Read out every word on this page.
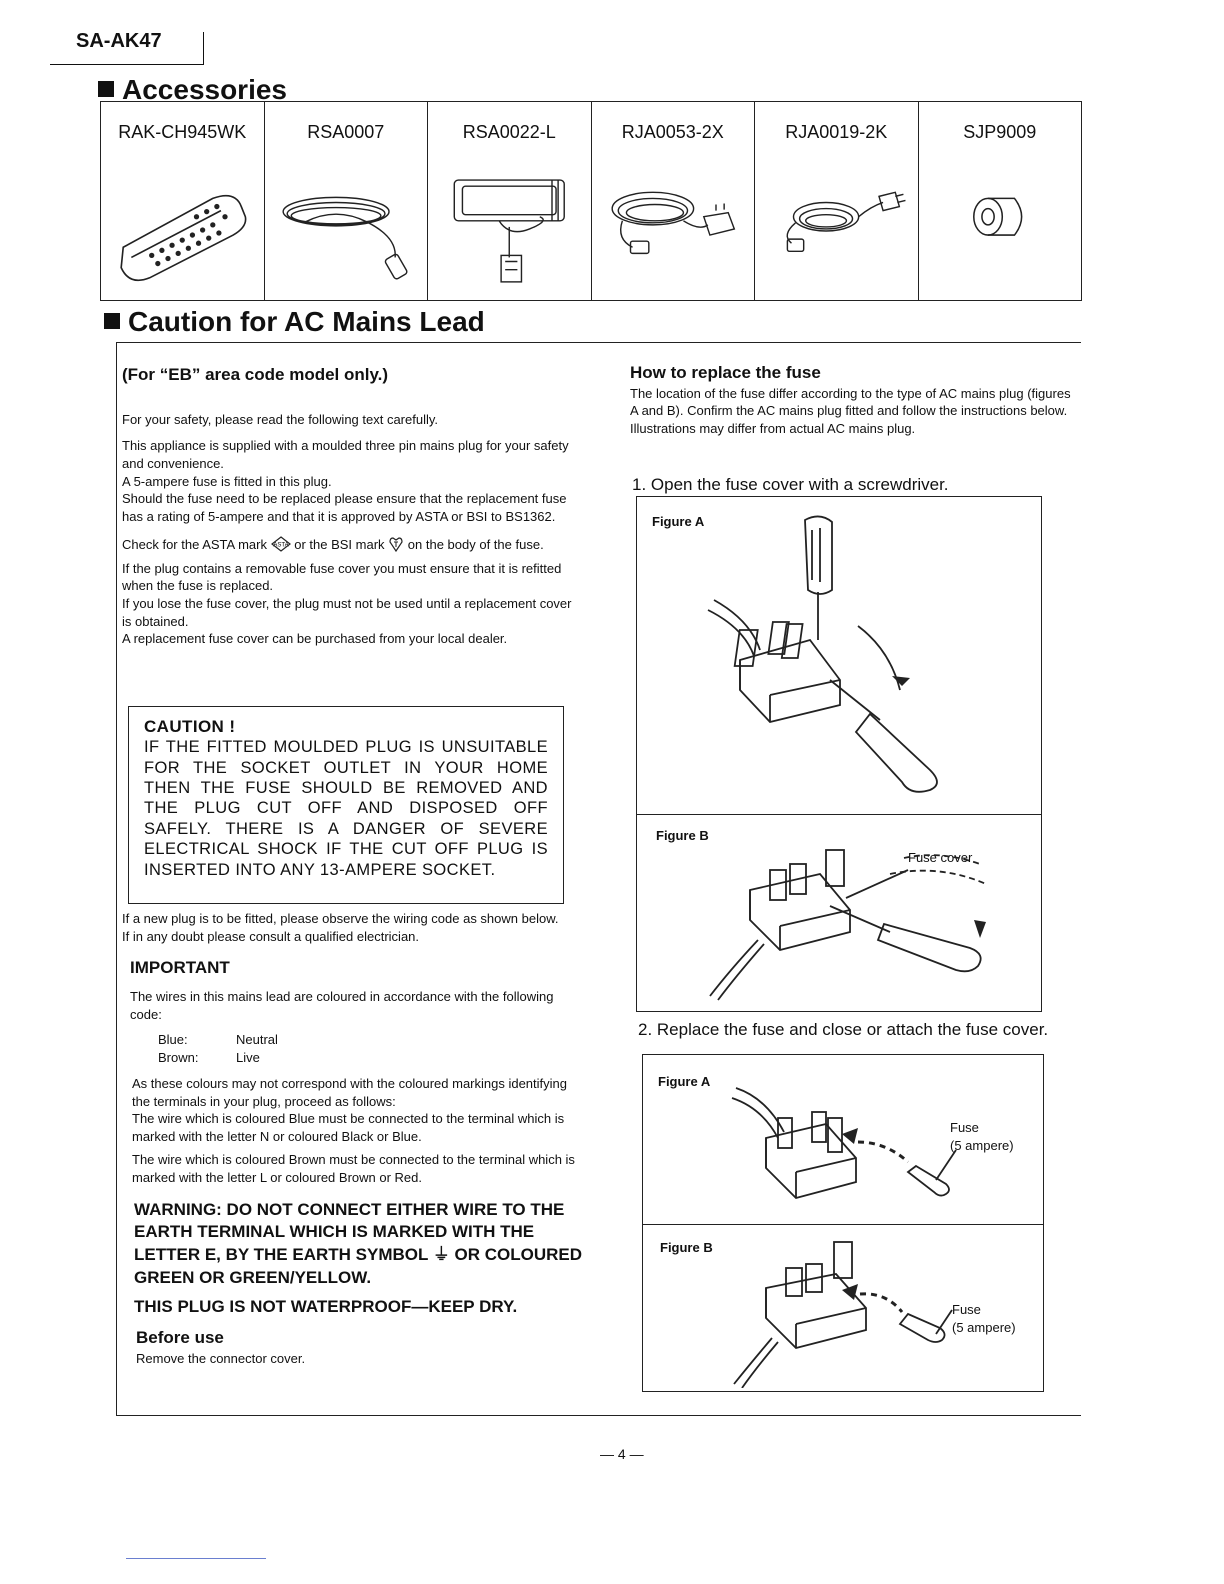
SA-AK47
Accessories
RAK-CH945WK	RSA0007	RSA0022-L	RJA0053-2X	RJA0019-2K	SJP9009
Caution for AC Mains Lead

(For “EB” area code model only.)

For your safety, please read the following text carefully.

This appliance is supplied with a moulded three pin mains plug for your safety and convenience.

A 5-ampere fuse is fitted in this plug.

Should the fuse need to be replaced please ensure that the replacement fuse has a rating of 5-ampere and that it is approved by ASTA or BSI to BS1362.

Check for the ASTA mark ASTA or the BSI mark on the body of the fuse.

If the plug contains a removable fuse cover you must ensure that it is refitted when the fuse is replaced.

If you lose the fuse cover, the plug must not be used until a replacement cover is obtained.

A replacement fuse cover can be purchased from your local dealer.

CAUTION !
IF THE FITTED MOULDED PLUG IS UNSUITABLE FOR THE SOCKET OUTLET IN YOUR HOME THEN THE FUSE SHOULD BE REMOVED AND THE PLUG CUT OFF AND DISPOSED OFF SAFELY. THERE IS A DANGER OF SEVERE ELECTRICAL SHOCK IF THE CUT OFF PLUG IS INSERTED INTO ANY 13-AMPERE SOCKET.

If a new plug is to be fitted, please observe the wiring code as shown below.

If in any doubt please consult a qualified electrician.

IMPORTANT

The wires in this mains lead are coloured in accordance with the following code:

Blue:	Neutral
Brown:	Live

As these colours may not correspond with the coloured markings identifying the terminals in your plug, proceed as follows:

The wire which is coloured Blue must be connected to the terminal which is marked with the letter N or coloured Black or Blue.

The wire which is coloured Brown must be connected to the terminal which is marked with the letter L or coloured Brown or Red.

WARNING: DO NOT CONNECT EITHER WIRE TO THE EARTH TERMINAL WHICH IS MARKED WITH THE LETTER E, BY THE EARTH SYMBOL ⏚ OR COLOURED GREEN OR GREEN/YELLOW.

THIS PLUG IS NOT WATERPROOF—KEEP DRY.

Before use

Remove the connector cover.

How to replace the fuse

The location of the fuse differ according to the type of AC mains plug (figures A and B). Confirm the AC mains plug fitted and follow the instructions below.

Illustrations may differ from actual AC mains plug.

1. Open the fuse cover with a screwdriver.
Figure A
Figure B
Fuse cover
2. Replace the fuse and close or attach the fuse cover.
Figure A
Figure B
Fuse
(5 ampere)
Fuse
(5 ampere)
— 4 —
